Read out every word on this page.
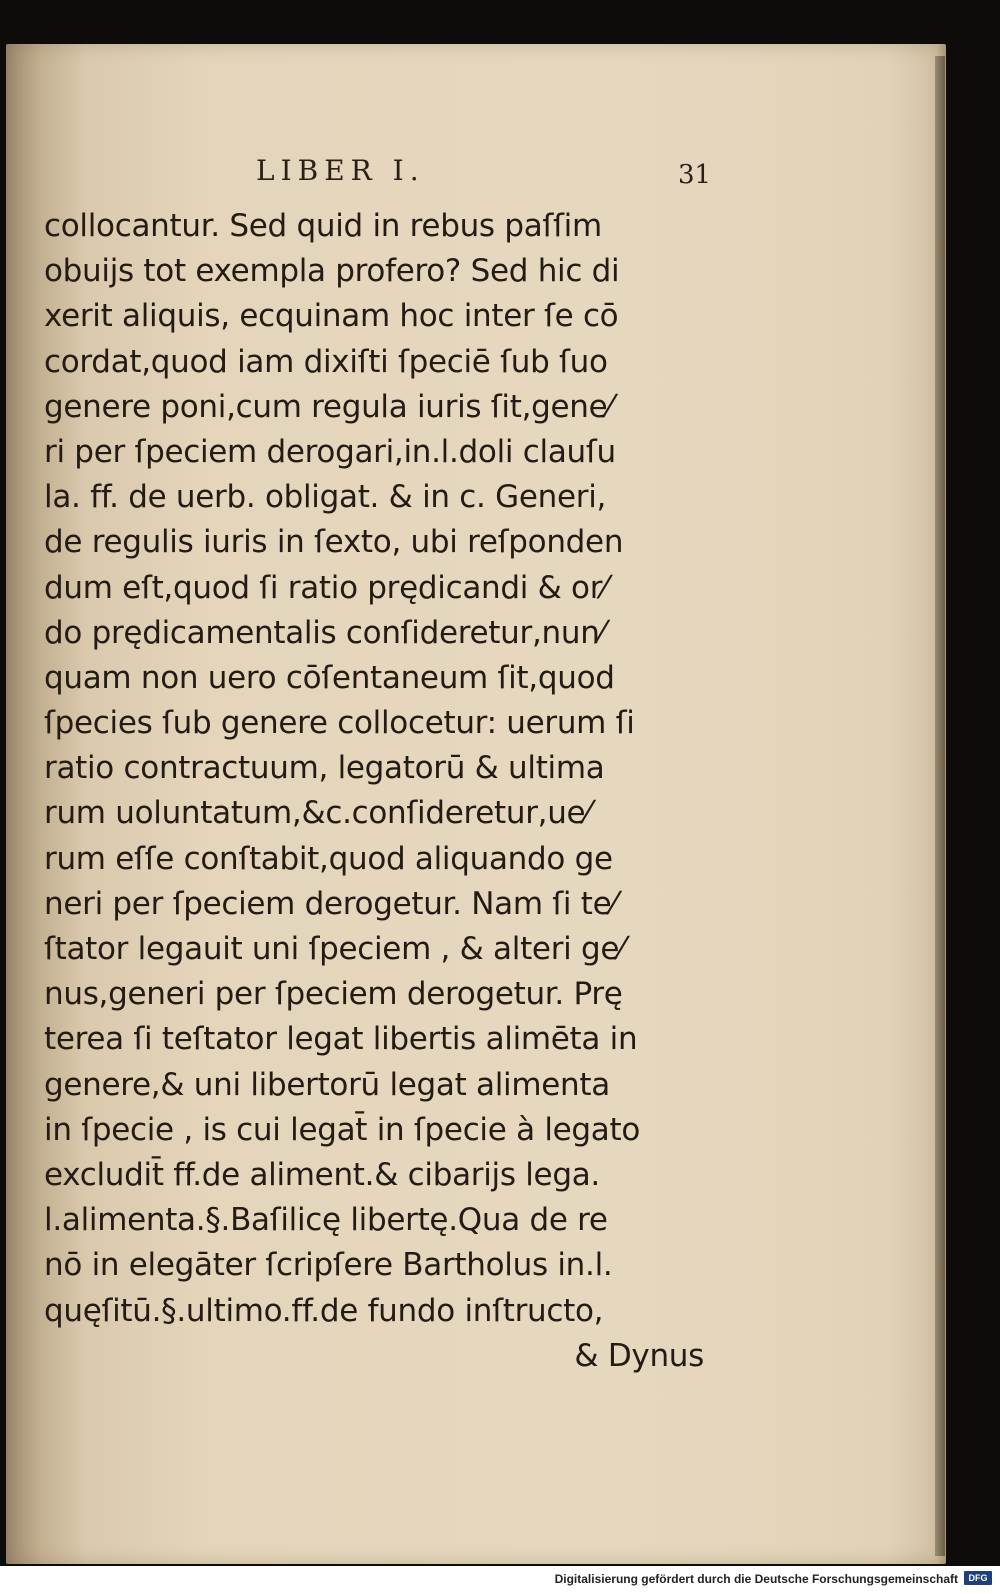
LIBER I.	31
collocantur. Sed quid in rebus paſſim
obuijs tot exempla profero? Sed hic di
xerit aliquis, ecquinam hoc inter ſe cō
cordat,quod iam dixiſti ſpeciē ſub ſuo
genere poni,cum regula iuris ſit,gene⁄
ri per ſpeciem derogari,in.l.doli clauſu
la. ff. de uerb. obligat. & in c. Generi,
de regulis iuris in ſexto, ubi reſponden
dum eſt,quod ſi ratio prędicandi & or⁄
do prędicamentalis conſideretur,nun⁄
quam non uero cōſentaneum ſit,quod
ſpecies ſub genere collocetur: uerum ſi
ratio contractuum, legatorū & ultima
rum uoluntatum,&c.conſideretur,ue⁄
rum eſſe conſtabit,quod aliquando ge
neri per ſpeciem derogetur. Nam ſi te⁄
ſtator legauit uni ſpeciem , & alteri ge⁄
nus,generi per ſpeciem derogetur. Prę
terea ſi teſtator legat libertis alimēta in
genere,& uni libertorū legat alimenta
in ſpecie , is cui legat̄ in ſpecie à legato
excludit̄ ff.de aliment.& cibarijs lega.
l.alimenta.§.Baſilicę libertę.Qua de re
nō in elegāter ſcripſere Bartholus in.l.
quęſitū.§.ultimo.ff.de fundo inſtructo,
& Dynus
Digitalisierung gefördert durch die Deutsche Forschungsgemeinschaft	DFG
